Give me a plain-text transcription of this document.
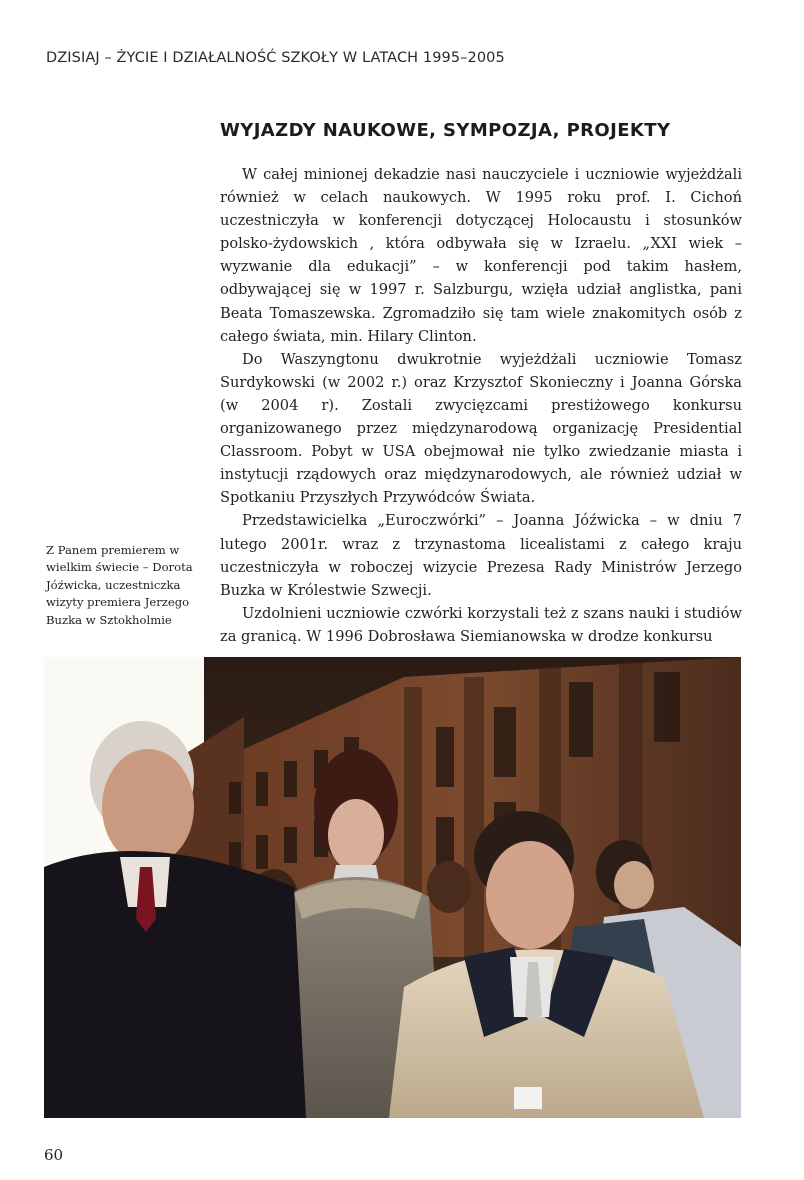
DZISIAJ – ŻYCIE I DZIAŁALNOŚĆ SZKOŁY W LATACH 1995–2005
WYJAZDY NAUKOWE, SYMPOZJA, PROJEKTY

W całej minionej dekadzie nasi nauczyciele i uczniowie wyjeżdżali również w celach naukowych. W 1995 roku prof. I. Cichoń uczestniczyła w konferencji dotyczącej Holocaustu i stosunków polsko-żydowskich , która odbywała się w Izraelu. „XXI wiek – wyzwanie dla edukacji” – w konferencji pod takim hasłem, odbywającej się w 1997 r. Salzburgu, wzięła udział anglistka, pani Beata Tomaszewska. Zgromadziło się tam wiele znakomitych osób z całego świata, min. Hilary Clinton.

Do Waszyngtonu dwukrotnie wyjeżdżali uczniowie Tomasz Surdykowski (w 2002 r.) oraz Krzysztof Skonieczny i Joanna Górska (w 2004 r). Zostali zwycięzcami prestiżowego konkursu organizowanego przez międzynarodową organizację Presidential Classroom. Pobyt w USA obejmował nie tylko zwiedzanie miasta i instytucji rządowych oraz międzynarodowych, ale również udział w Spotkaniu Przyszłych Przywódców Świata.

Przedstawicielka „Euroczwórki” – Joanna Jóźwicka – w dniu 7 lutego 2001r. wraz z trzynastoma licealistami z całego kraju uczestniczyła w roboczej wizycie Prezesa Rady Ministrów Jerzego Buzka w Królestwie Szwecji.

Uzdolnieni uczniowie czwórki korzystali też z szans nauki i studiów za granicą. W 1996 Dobrosława Siemianowska w drodze konkursu

Z Panem premierem w wielkim świecie – Dorota Jóźwicka, uczestniczka wizyty premiera Jerzego Buzka w Sztokholmie
60
